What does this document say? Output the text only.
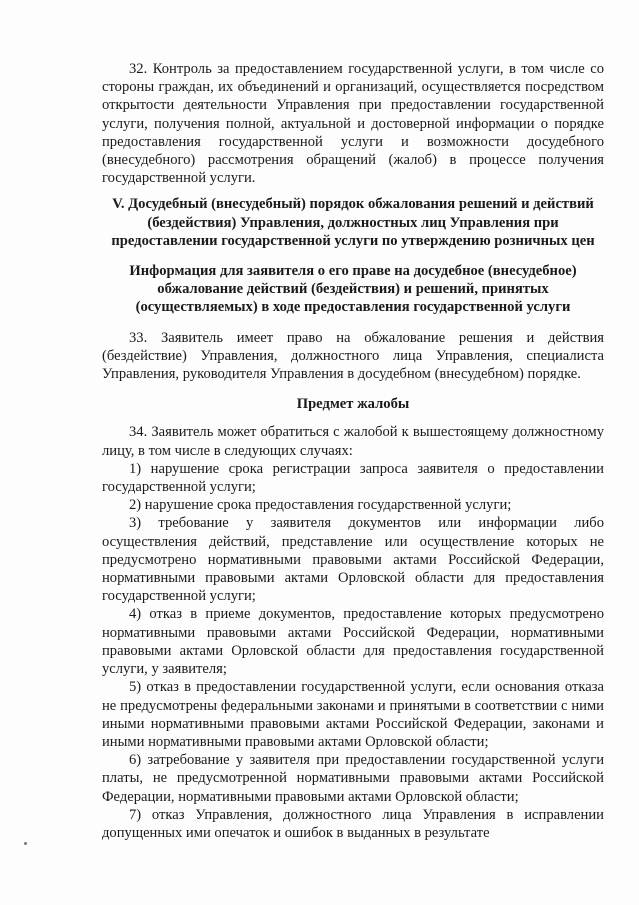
32. Контроль за предоставлением государственной услуги, в том числе со стороны граждан, их объединений и организаций, осуществляется посредством открытости деятельности Управления при предоставлении государственной услуги, получения полной, актуальной и достоверной информации о порядке предоставления государственной услуги и возможности досудебного (внесудебного) рассмотрения обращений (жалоб) в процессе получения государственной услуги.

V. Досудебный (внесудебный) порядок обжалования решений и действий (бездействия) Управления, должностных лиц Управления при предоставлении государственной услуги по утверждению розничных цен

Информация для заявителя о его праве на досудебное (внесудебное) обжалование действий (бездействия) и решений, принятых (осуществляемых) в ходе предоставления государственной услуги

33. Заявитель имеет право на обжалование решения и действия (бездействие) Управления, должностного лица Управления, специалиста Управления, руководителя Управления в досудебном (внесудебном) порядке.

Предмет жалобы

34. Заявитель может обратиться с жалобой к вышестоящему должностному лицу, в том числе в следующих случаях:

1) нарушение срока регистрации запроса заявителя о предоставлении государственной услуги;

2) нарушение срока предоставления государственной услуги;

3) требование у заявителя документов или информации либо осуществления действий, представление или осуществление которых не предусмотрено нормативными правовыми актами Российской Федерации, нормативными правовыми актами Орловской области для предоставления государственной услуги;

4) отказ в приеме документов, предоставление которых предусмотрено нормативными правовыми актами Российской Федерации, нормативными правовыми актами Орловской области для предоставления государственной услуги, у заявителя;

5) отказ в предоставлении государственной услуги, если основания отказа не предусмотрены федеральными законами и принятыми в соответствии с ними иными нормативными правовыми актами Российской Федерации, законами и иными нормативными правовыми актами Орловской области;

6) затребование у заявителя при предоставлении государственной услуги платы, не предусмотренной нормативными правовыми актами Российской Федерации, нормативными правовыми актами Орловской области;

7) отказ Управления, должностного лица Управления в исправлении допущенных ими опечаток и ошибок в выданных в результате
